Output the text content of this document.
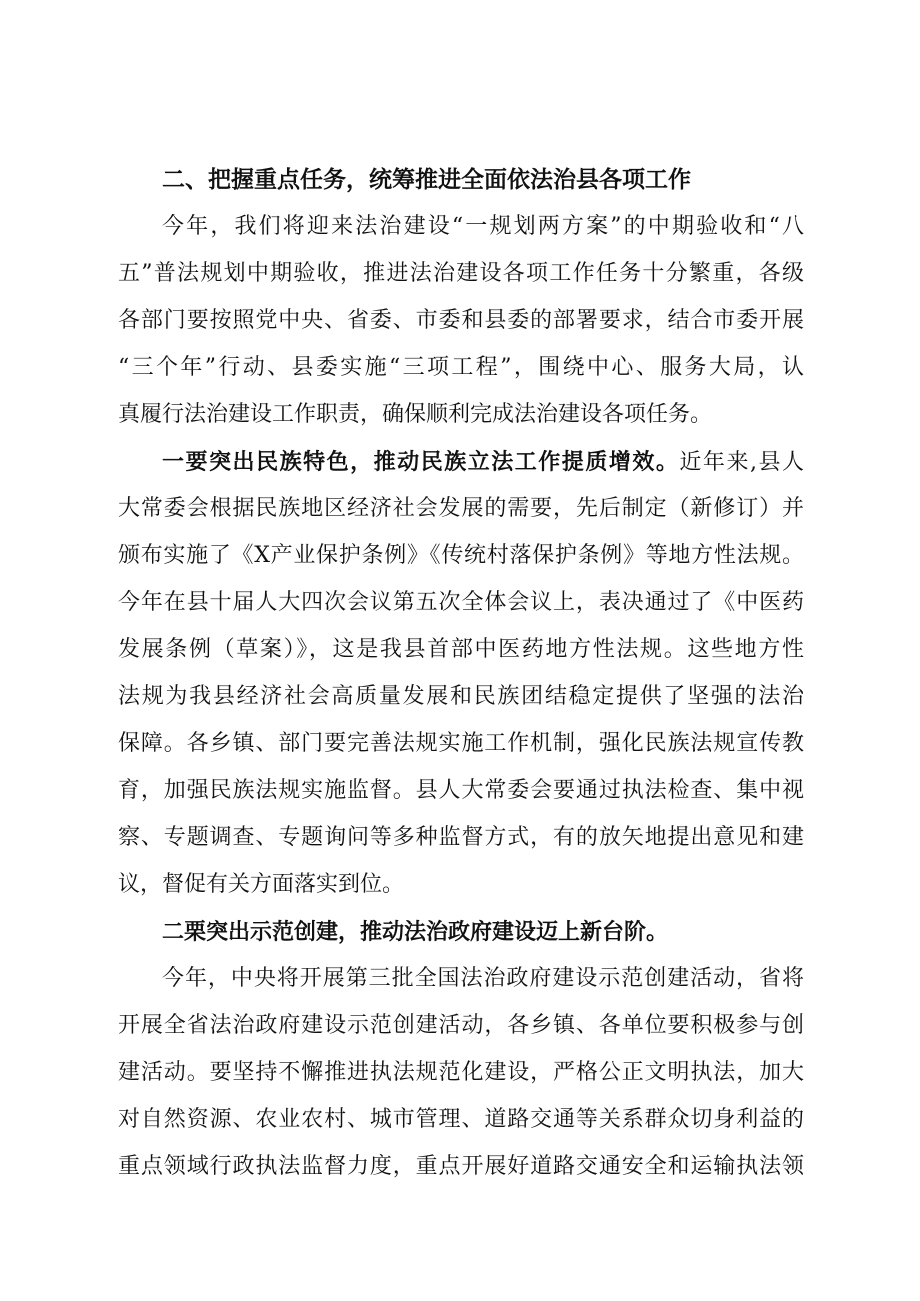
二、把握重点任务，统筹推进全面依法治县各项工作
今年，我们将迎来法治建设“一规划两方案”的中期验收和“八
五”普法规划中期验收，推进法治建设各项工作任务十分繁重，各级
各部门要按照党中央、省委、市委和县委的部署要求，结合市委开展
“三个年”行动、县委实施“三项工程”，围绕中心、服务大局，认
真履行法治建设工作职责，确保顺利完成法治建设各项任务。
一要突出民族特色，推动民族立法工作提质增效。近年来,县人
大常委会根据民族地区经济社会发展的需要，先后制定（新修订）并
颁布实施了《X产业保护条例》《传统村落保护条例》等地方性法规。
今年在县十届人大四次会议第五次全体会议上，表决通过了《中医药
发展条例（草案）》，这是我县首部中医药地方性法规。这些地方性
法规为我县经济社会高质量发展和民族团结稳定提供了坚强的法治
保障。各乡镇、部门要完善法规实施工作机制，强化民族法规宣传教
育，加强民族法规实施监督。县人大常委会要通过执法检查、集中视
察、专题调查、专题询问等多种监督方式，有的放矢地提出意见和建
议，督促有关方面落实到位。
二栗突出示范创建，推动法治政府建设迈上新台阶。
今年，中央将开展第三批全国法治政府建设示范创建活动，省将
开展全省法治政府建设示范创建活动，各乡镇、各单位要积极参与创
建活动。要坚持不懈推进执法规范化建设，严格公正文明执法，加大
对自然资源、农业农村、城市管理、道路交通等关系群众切身利益的
重点领域行政执法监督力度，重点开展好道路交通安全和运输执法领
